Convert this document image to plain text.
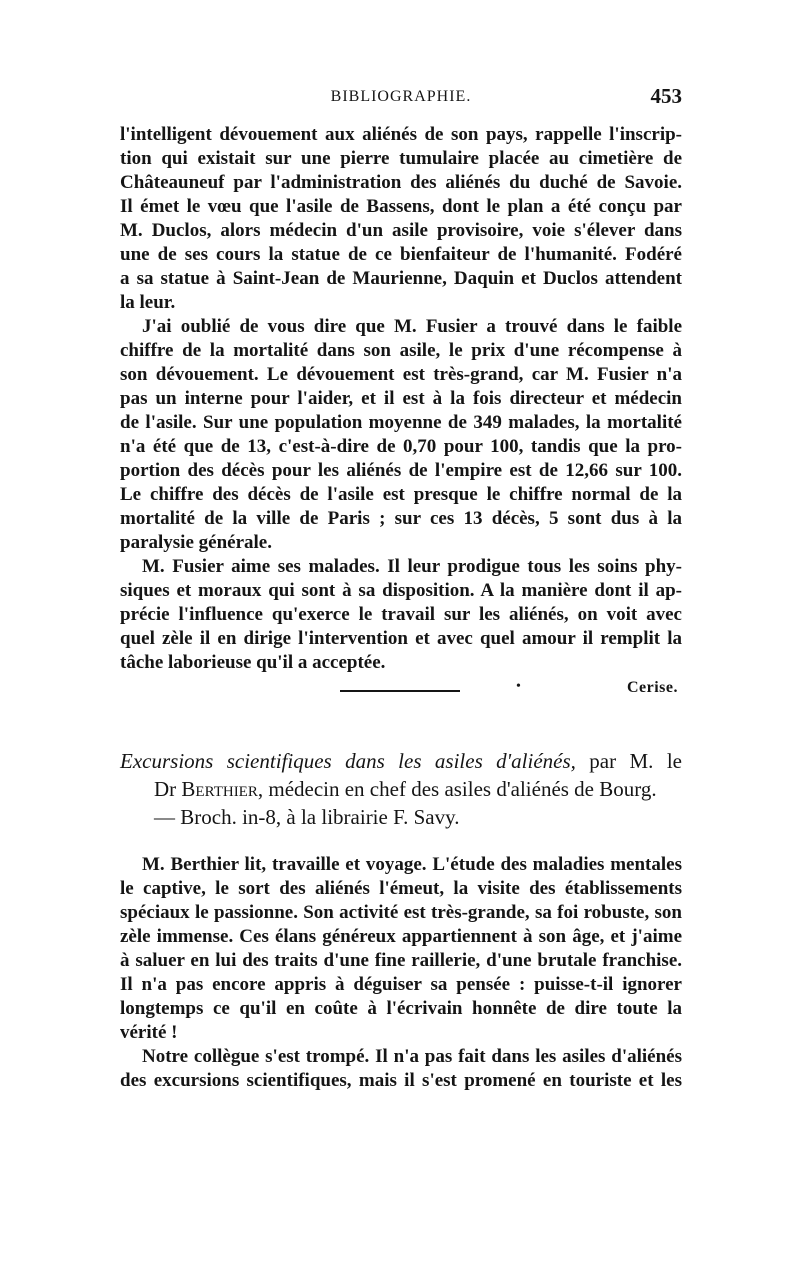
BIBLIOGRAPHIE.	453
l'intelligent dévouement aux aliénés de son pays, rappelle l'inscrip-
tion qui existait sur une pierre tumulaire placée au cimetière de
Châteauneuf par l'administration des aliénés du duché de Savoie.
Il émet le vœu que l'asile de Bassens, dont le plan a été conçu par
M. Duclos, alors médecin d'un asile provisoire, voie s'élever dans
une de ses cours la statue de ce bienfaiteur de l'humanité. Fodéré
a sa statue à Saint-Jean de Maurienne, Daquin et Duclos attendent
la leur.
J'ai oublié de vous dire que M. Fusier a trouvé dans le faible
chiffre de la mortalité dans son asile, le prix d'une récompense à
son dévouement. Le dévouement est très-grand, car M. Fusier n'a
pas un interne pour l'aider, et il est à la fois directeur et médecin
de l'asile. Sur une population moyenne de 349 malades, la mortalité
n'a été que de 13, c'est-à-dire de 0,70 pour 100, tandis que la pro-
portion des décès pour les aliénés de l'empire est de 12,66 sur 100.
Le chiffre des décès de l'asile est presque le chiffre normal de la
mortalité de la ville de Paris ; sur ces 13 décès, 5 sont dus à la
paralysie générale.
M. Fusier aime ses malades. Il leur prodigue tous les soins phy-
siques et moraux qui sont à sa disposition. A la manière dont il ap-
précie l'influence qu'exerce le travail sur les aliénés, on voit avec
quel zèle il en dirige l'intervention et avec quel amour il remplit la
tâche laborieuse qu'il a acceptée.
Cerise.
•
Excursions scientifiques dans les asiles d'aliénés, par M. le
Dr Berthier, médecin en chef des asiles d'aliénés de Bourg.
— Broch. in-8, à la librairie F. Savy.
M. Berthier lit, travaille et voyage. L'étude des maladies mentales
le captive, le sort des aliénés l'émeut, la visite des établissements
spéciaux le passionne. Son activité est très-grande, sa foi robuste, son
zèle immense. Ces élans généreux appartiennent à son âge, et j'aime
à saluer en lui des traits d'une fine raillerie, d'une brutale franchise.
Il n'a pas encore appris à déguiser sa pensée : puisse-t-il ignorer
longtemps ce qu'il en coûte à l'écrivain honnête de dire toute la
vérité !
Notre collègue s'est trompé. Il n'a pas fait dans les asiles d'aliénés
des excursions scientifiques, mais il s'est promené en touriste et les
